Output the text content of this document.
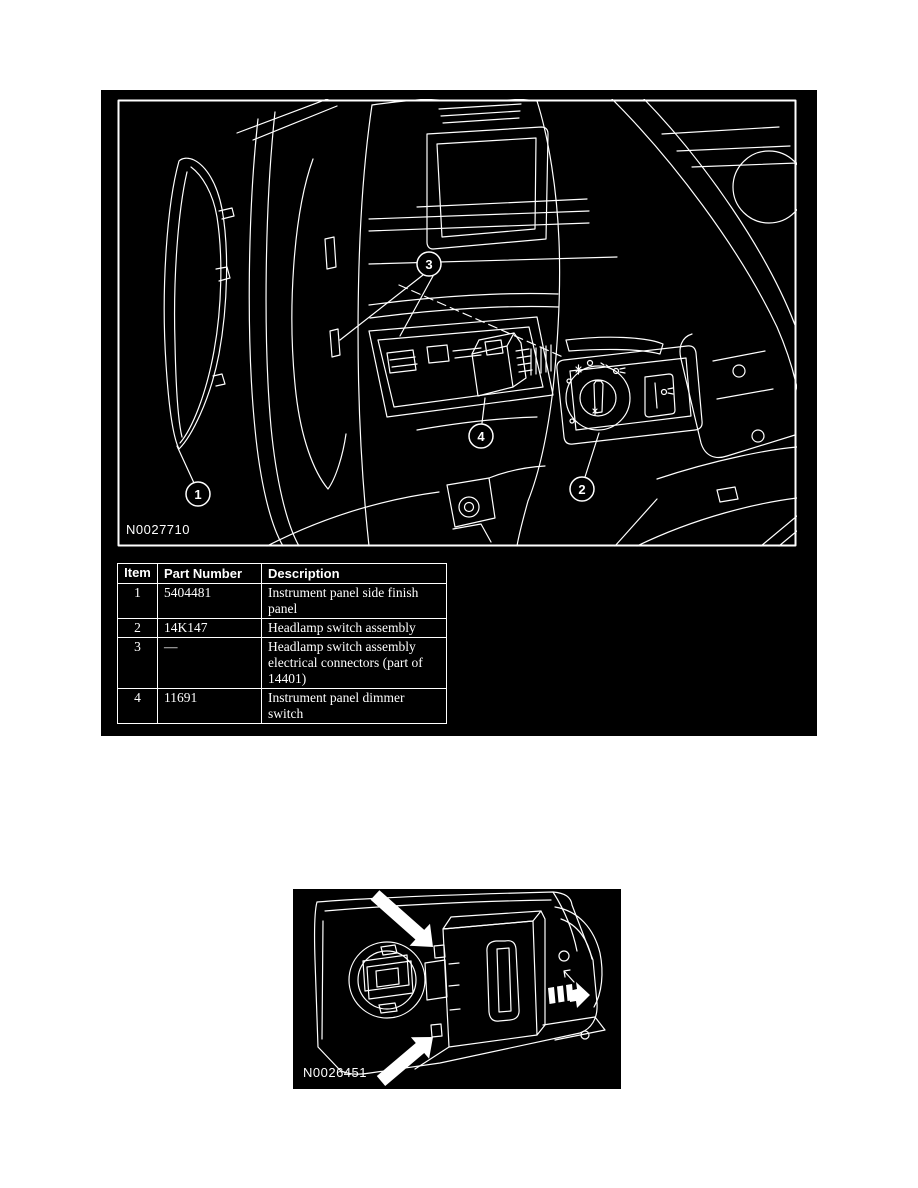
1	2
3
4
N0027710
Item	Part Number	Description
1	5404481	Instrument panel side finish panel
2	14K147	Headlamp switch assembly
3	—	Headlamp switch assembly electrical connectors (part of 14401)
4	11691	Instrument panel dimmer switch
N0026451
